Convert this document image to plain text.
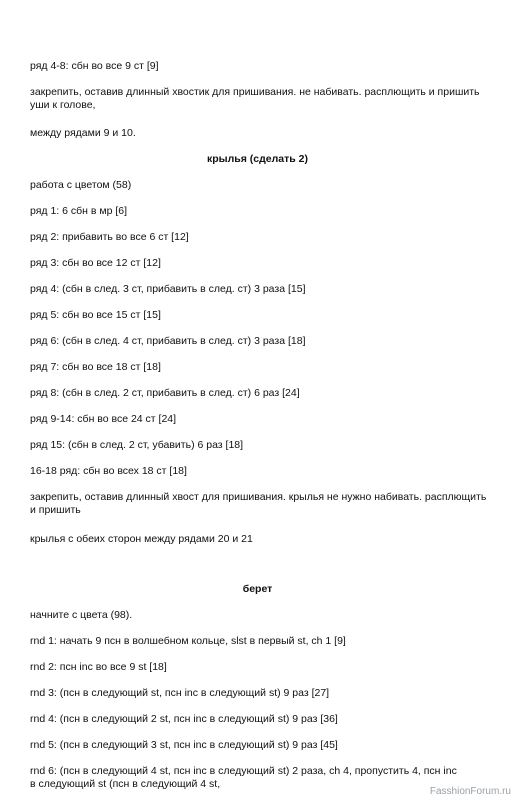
ряд 4-8: сбн во все 9 ст [9]
закрепить, оставив длинный хвостик для пришивания. не набивать. расплющить и пришить уши к голове,
между рядами 9 и 10.
крылья (сделать 2)
работа с цветом (58)
ряд 1: 6 сбн в мр [6]
ряд 2: прибавить во все 6 ст [12]
ряд 3: сбн во все 12 ст [12]
ряд 4: (сбн в след. 3 ст, прибавить в след. ст) 3 раза [15]
ряд 5: сбн во все 15 ст [15]
ряд 6: (сбн в след. 4 ст, прибавить в след. ст) 3 раза [18]
ряд 7: сбн во все 18 ст [18]
ряд 8: (сбн в след. 2 ст, прибавить в след. ст) 6 раз [24]
ряд 9-14: сбн во все 24 ст [24]
ряд 15: (сбн в след. 2 ст, убавить) 6 раз [18]
16-18 ряд: сбн во всех 18 ст [18]
закрепить, оставив длинный хвост для пришивания. крылья не нужно набивать. расплющить и пришить
крылья с обеих сторон между рядами 20 и 21
берет
начните с цвета (98).
rnd 1: начать 9 псн в волшебном кольце, slst в первый st, ch 1 [9]
rnd 2: псн inc во все 9 st [18]
rnd 3: (псн в следующий st, псн inc в следующий st) 9 раз [27]
rnd 4: (псн в следующий 2 st, псн inc в следующий st) 9 раз [36]
rnd 5: (псн в следующий 3 st, псн inc в следующий st) 9 раз [45]
rnd 6: (псн в следующий 4 st, псн inc в следующий st) 2 раза, ch 4, пропустить 4, псн inc в следующий st (псн в следующий 4 st,
FasshionForum.ru
